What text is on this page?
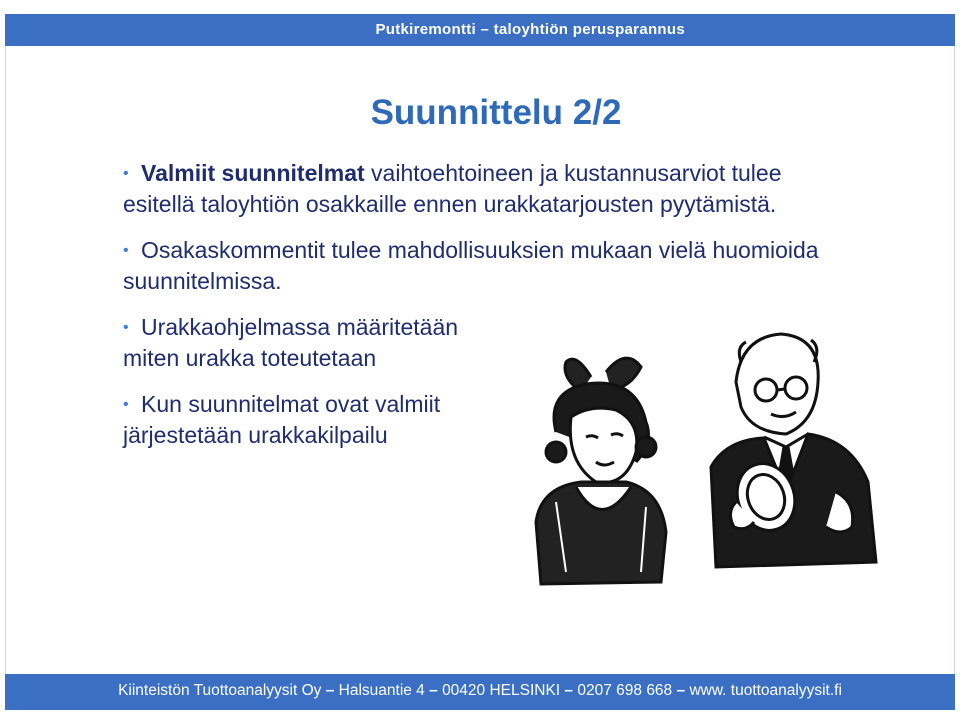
Putkiremontti – taloyhtiön perusparannus
Suunnittelu 2/2
• Valmiit suunnitelmat vaihtoehtoineen ja kustannusarviot tulee esitellä taloyhtiön osakkaille ennen urakkatarjousten pyytämistä.
• Osakaskommentit tulee mahdollisuuksien mukaan vielä huomioida suunnitelmissa.
• Urakkaohjelmassa määritetään miten urakka toteutetaan
• Kun suunnitelmat ovat valmiit järjestetään urakkakilpailu
Kiinteistön Tuottoanalyysit Oy – Halsuantie 4 – 00420 HELSINKI – 0207 698 668 – www. tuottoanalyysit.fi
